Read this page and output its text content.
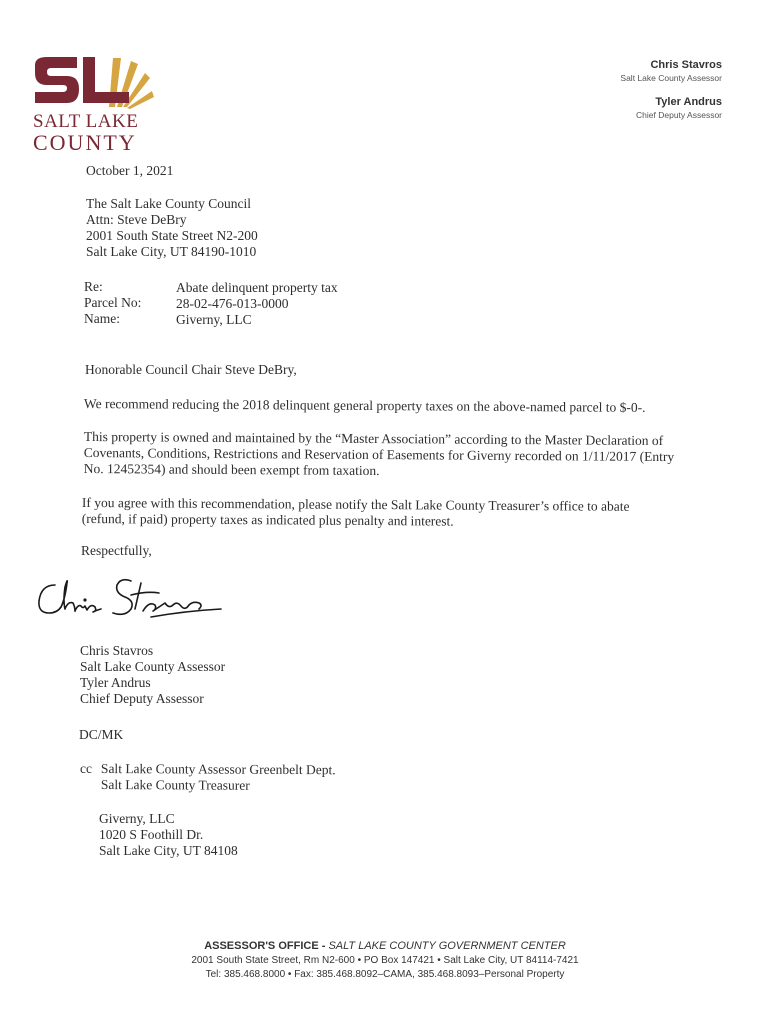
SALT LAKE
COUNTY
Chris Stavros
Salt Lake County Assessor
Tyler Andrus
Chief Deputy Assessor
October 1, 2021
The Salt Lake County Council
Attn: Steve DeBry
2001 South State Street N2-200
Salt Lake City, UT 84190-1010
Re:	Abate delinquent property tax
Parcel No:	28-02-476-013-0000
Name:	Giverny, LLC
Honorable Council Chair Steve DeBry,
We recommend reducing the 2018 delinquent general property taxes on the above-named parcel to $-0-.
This property is owned and maintained by the “Master Association” according to the Master Declaration of
Covenants, Conditions, Restrictions and Reservation of Easements for Giverny recorded on 1/11/2017 (Entry
No. 12452354) and should been exempt from taxation.
If you agree with this recommendation, please notify the Salt Lake County Treasurer’s office to abate
(refund, if paid) property taxes as indicated plus penalty and interest.
Respectfully,
Chris Stavros
Salt Lake County Assessor
Tyler Andrus
Chief Deputy Assessor
DC/MK
cc Salt Lake County Assessor Greenbelt Dept.
Salt Lake County Treasurer
Giverny, LLC
1020 S Foothill Dr.
Salt Lake City, UT 84108
ASSESSOR'S OFFICE - SALT LAKE COUNTY GOVERNMENT CENTER
2001 South State Street, Rm N2-600 • PO Box 147421 • Salt Lake City, UT 84114-7421
Tel: 385.468.8000 • Fax: 385.468.8092–CAMA, 385.468.8093–Personal Property
